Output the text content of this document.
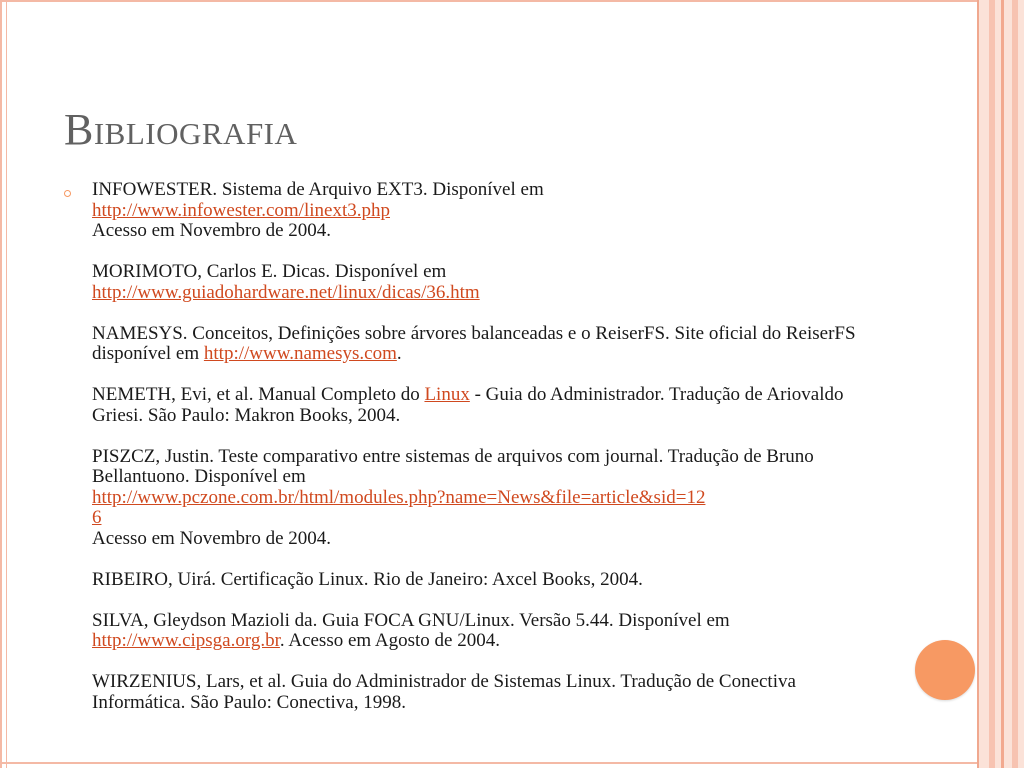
Bibliografia
INFOWESTER. Sistema de Arquivo EXT3. Disponível em
http://www.infowester.com/linext3.php
Acesso em Novembro de 2004.
MORIMOTO, Carlos E. Dicas. Disponível em
http://www.guiadohardware.net/linux/dicas/36.htm
NAMESYS. Conceitos, Definições sobre árvores balanceadas e o ReiserFS. Site oficial do ReiserFS disponível em http://www.namesys.com.
NEMETH, Evi, et al. Manual Completo do Linux - Guia do Administrador. Tradução de Ariovaldo Griesi. São Paulo: Makron Books, 2004.
PISZCZ, Justin. Teste comparativo entre sistemas de arquivos com journal. Tradução de Bruno Bellantuono. Disponível em
http://www.pczone.com.br/html/modules.php?name=News&file=article&sid=12
6
Acesso em Novembro de 2004.
RIBEIRO, Uirá. Certificação Linux. Rio de Janeiro: Axcel Books, 2004.
SILVA, Gleydson Mazioli da. Guia FOCA GNU/Linux. Versão 5.44. Disponível em http://www.cipsga.org.br. Acesso em Agosto de 2004.
WIRZENIUS, Lars, et al. Guia do Administrador de Sistemas Linux. Tradução de Conectiva Informática. São Paulo: Conectiva, 1998.
